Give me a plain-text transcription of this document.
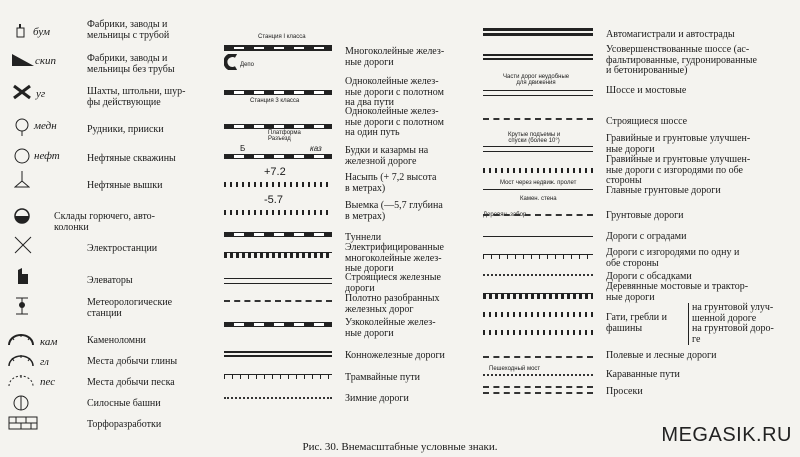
бум
Фабрики, заводы и
мельницы с трубой
скип	Фабрики, заводы и
мельницы без трубы
уг	Шахты, штольни, шур-
фы действующие
медн	Рудники, прииски
нефт	Нефтяные скважины
Нефтяные вышки
Склады горючего, авто-
колонки
Электростанции
Элеваторы
Метеорологические
станции
кам	Каменоломни
гл	Места добычи глины
пес	Места добычи песка
Силосные башни
Торфоразработки
Станция I класса
Депо
Многоколейные желез-
ные дороги
Станция 3 класса
Одноколейные желез-
ные дороги с полотном
на два пути
Платформа
Разъезд
Одноколейные желез-
ные дороги с полотном
на один путь
Б	каз Будки и казармы на
железной дороге
+7.2	Насыпь (+ 7,2 высота
в метрах)
-5.7	Выемка (—5,7 глубина
в метрах)
Туннели
Электрифицированные
многоколейные желез-
ные дороги
Строящиеся железные
дороги
Полотно разобранных
железных дорог
Узкоколейные желез-
ные дороги
Конножелезные дороги
Трамвайные пути
Зимние дороги
Автомагистрали и автострады
Усовершенствованные шоссе (ас-
фальтированные, гудронированные
и бетонированные)
Части дорог неудобные
для движения
Шоссе и мостовые
Строящиеся шоссе
Крутые подъемы и
спуски (более 10°)	Гравийные и грунтовые улучшен-
ные дороги
Гравийные и грунтовые улучшен-
ные дороги с изгородями по обе
стороны
Мост через недвиж. пролет
Главные грунтовые дороги
Камен. стена
Деревян. забор	Грунтовые дороги
Дороги с оградами
Дороги с изгородями по одну и
обе стороны
Дороги с обсадками
Деревянные мостовые и трактор-
ные дороги
Гати, гребли и
фашины
на грунтовой улуч-
шенной дороге
на грунтовой доро-
ге
Полевые и лесные дороги
Пешеходный мост	Караванные пути
Просеки
Рис. 30. Внемасштабные условные знаки.
MEGASIK.RU
